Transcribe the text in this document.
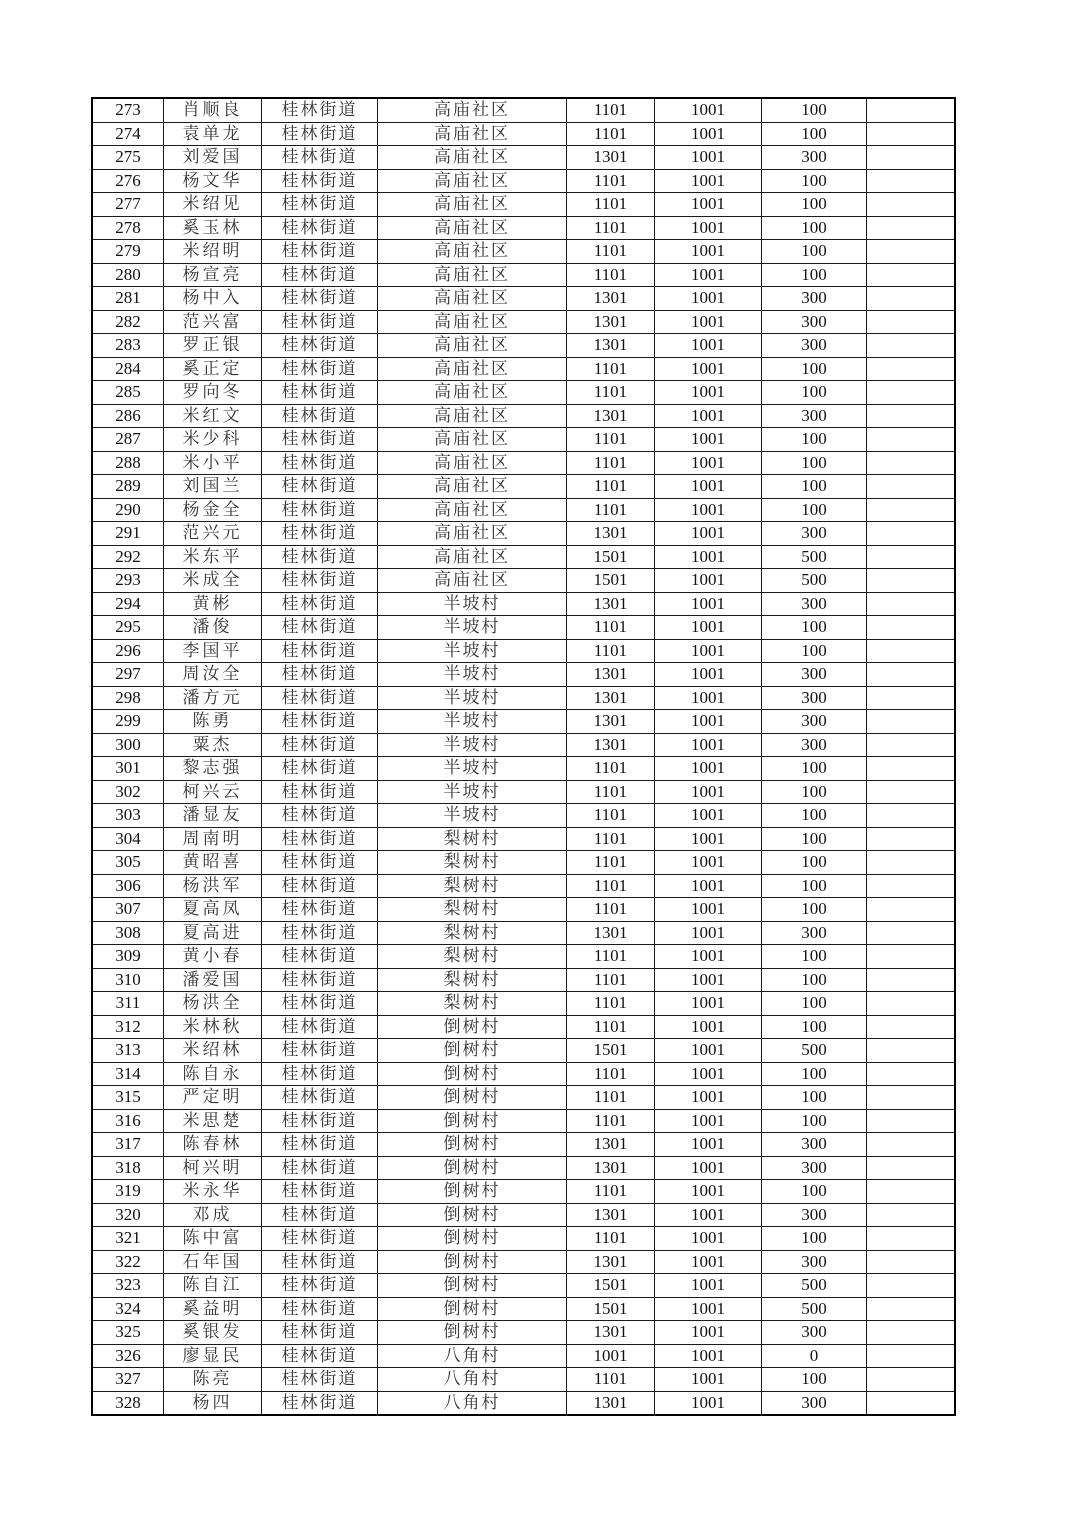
273	肖顺良	桂林街道	高庙社区	1101	1001	100	
274	袁单龙	桂林街道	高庙社区	1101	1001	100	
275	刘爱国	桂林街道	高庙社区	1301	1001	300	
276	杨文华	桂林街道	高庙社区	1101	1001	100	
277	米绍见	桂林街道	高庙社区	1101	1001	100	
278	奚玉林	桂林街道	高庙社区	1101	1001	100	
279	米绍明	桂林街道	高庙社区	1101	1001	100	
280	杨宣亮	桂林街道	高庙社区	1101	1001	100	
281	杨中入	桂林街道	高庙社区	1301	1001	300	
282	范兴富	桂林街道	高庙社区	1301	1001	300	
283	罗正银	桂林街道	高庙社区	1301	1001	300	
284	奚正定	桂林街道	高庙社区	1101	1001	100	
285	罗向冬	桂林街道	高庙社区	1101	1001	100	
286	米红文	桂林街道	高庙社区	1301	1001	300	
287	米少科	桂林街道	高庙社区	1101	1001	100	
288	米小平	桂林街道	高庙社区	1101	1001	100	
289	刘国兰	桂林街道	高庙社区	1101	1001	100	
290	杨金全	桂林街道	高庙社区	1101	1001	100	
291	范兴元	桂林街道	高庙社区	1301	1001	300	
292	米东平	桂林街道	高庙社区	1501	1001	500	
293	米成全	桂林街道	高庙社区	1501	1001	500	
294	黄彬	桂林街道	半坡村	1301	1001	300	
295	潘俊	桂林街道	半坡村	1101	1001	100	
296	李国平	桂林街道	半坡村	1101	1001	100	
297	周汝全	桂林街道	半坡村	1301	1001	300	
298	潘方元	桂林街道	半坡村	1301	1001	300	
299	陈勇	桂林街道	半坡村	1301	1001	300	
300	粟杰	桂林街道	半坡村	1301	1001	300	
301	黎志强	桂林街道	半坡村	1101	1001	100	
302	柯兴云	桂林街道	半坡村	1101	1001	100	
303	潘显友	桂林街道	半坡村	1101	1001	100	
304	周南明	桂林街道	梨树村	1101	1001	100	
305	黄昭喜	桂林街道	梨树村	1101	1001	100	
306	杨洪军	桂林街道	梨树村	1101	1001	100	
307	夏高凤	桂林街道	梨树村	1101	1001	100	
308	夏高进	桂林街道	梨树村	1301	1001	300	
309	黄小春	桂林街道	梨树村	1101	1001	100	
310	潘爱国	桂林街道	梨树村	1101	1001	100	
311	杨洪全	桂林街道	梨树村	1101	1001	100	
312	米林秋	桂林街道	倒树村	1101	1001	100	
313	米绍林	桂林街道	倒树村	1501	1001	500	
314	陈自永	桂林街道	倒树村	1101	1001	100	
315	严定明	桂林街道	倒树村	1101	1001	100	
316	米思楚	桂林街道	倒树村	1101	1001	100	
317	陈春林	桂林街道	倒树村	1301	1001	300	
318	柯兴明	桂林街道	倒树村	1301	1001	300	
319	米永华	桂林街道	倒树村	1101	1001	100	
320	邓成	桂林街道	倒树村	1301	1001	300	
321	陈中富	桂林街道	倒树村	1101	1001	100	
322	石年国	桂林街道	倒树村	1301	1001	300	
323	陈自江	桂林街道	倒树村	1501	1001	500	
324	奚益明	桂林街道	倒树村	1501	1001	500	
325	奚银发	桂林街道	倒树村	1301	1001	300	
326	廖显民	桂林街道	八角村	1001	1001	0	
327	陈亮	桂林街道	八角村	1101	1001	100	
328	杨四	桂林街道	八角村	1301	1001	300	
